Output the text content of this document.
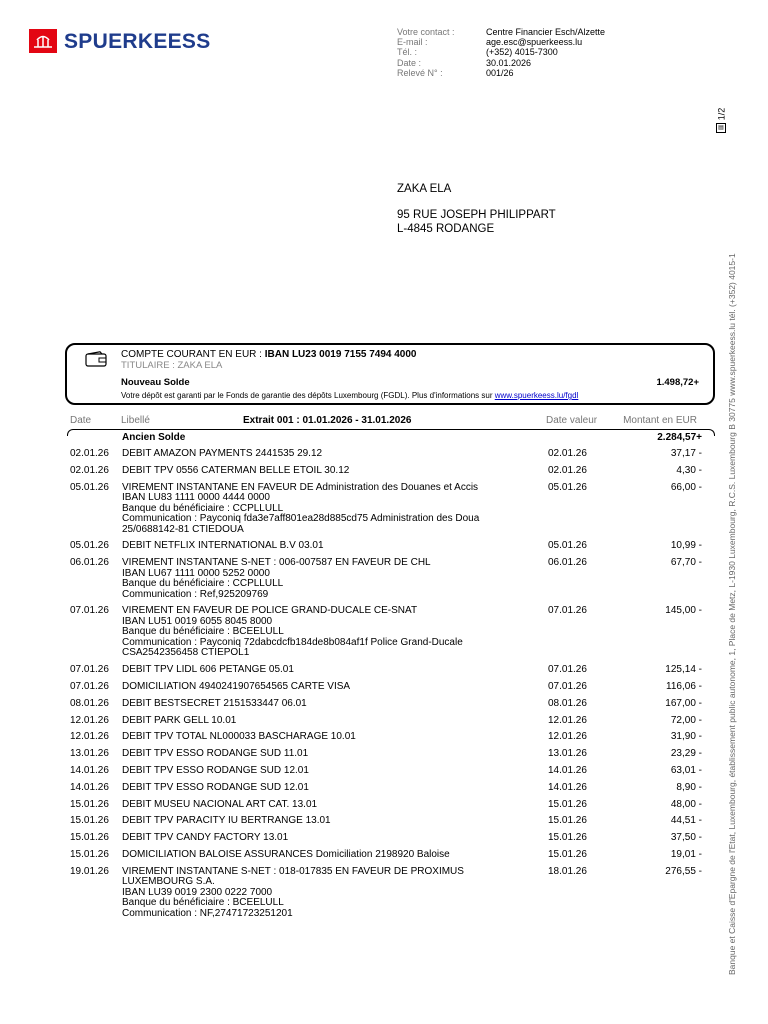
SPUERKEESS	Votre contact :	Centre Financier Esch/Alzette
E-mail :	age.esc@spuerkeess.lu
Tél. :	(+352) 4015-7300
Date :	30.01.2026
Relevé N° :	001/26
1/2
▤
Banque et Caisse d'Epargne de l'Etat, Luxembourg, établissement public autonome, 1, Place de Metz, L-1930 Luxembourg, R.C.S. Luxembourg B 30775 www.spuerkeess.lu tél. (+352) 4015-1
ZAKA ELA
95 RUE JOSEPH PHILIPPART
L-4845 RODANGE
COMPTE COURANT EN EUR : IBAN LU23 0019 7155 7494 4000
TITULAIRE : ZAKA ELA
Nouveau Solde	1.498,72+
Votre dépôt est garanti par le Fonds de garantie des dépôts Luxembourg (FGDL). Plus d'informations sur www.spuerkeess.lu/fgdl
Date	Libellé	Extrait 001 : 01.01.2026 - 31.01.2026	Date valeur	Montant en EUR
Ancien Solde	2.284,57+
02.01.26 DEBIT AMAZON PAYMENTS 2441535 29.12	02.01.26	37,17 -
02.01.26 DEBIT TPV 0556 CATERMAN BELLE ETOIL 30.12	02.01.26	4,30 -
05.01.26 VIREMENT INSTANTANE EN FAVEUR DE Administration des Douanes et Accis
IBAN LU83 1111 0000 4444 0000
Banque du bénéficiaire : CCPLLULL
Communication : Payconiq fda3e7aff801ea28d885cd75 Administration des Doua
25/0688142-81 CTIEDOUA
05.01.26	66,00 -
05.01.26 DEBIT NETFLIX INTERNATIONAL B.V 03.01	05.01.26	10,99 -
06.01.26 VIREMENT INSTANTANE S-NET : 006-007587 EN FAVEUR DE CHL
IBAN LU67 1111 0000 5252 0000
Banque du bénéficiaire : CCPLLULL
Communication : Ref,925209769
06.01.26	67,70 -
07.01.26 VIREMENT EN FAVEUR DE POLICE GRAND-DUCALE CE-SNAT
IBAN LU51 0019 6055 8045 8000
Banque du bénéficiaire : BCEELULL
Communication : Payconiq 72dabcdcfb184de8b084af1f Police Grand-Ducale
CSA2542356458 CTIEPOL1
07.01.26	145,00 -
07.01.26 DEBIT TPV LIDL 606 PETANGE 05.01	07.01.26	125,14 -
07.01.26 DOMICILIATION 4940241907654565 CARTE VISA	07.01.26	116,06 -
08.01.26 DEBIT BESTSECRET 2151533447 06.01	08.01.26	167,00 -
12.01.26 DEBIT PARK GELL 10.01	12.01.26	72,00 -
12.01.26 DEBIT TPV TOTAL NL000033 BASCHARAGE 10.01	12.01.26	31,90 -
13.01.26 DEBIT TPV ESSO RODANGE SUD 11.01	13.01.26	23,29 -
14.01.26 DEBIT TPV ESSO RODANGE SUD 12.01	14.01.26	63,01 -
14.01.26 DEBIT TPV ESSO RODANGE SUD 12.01	14.01.26	8,90 -
15.01.26 DEBIT MUSEU NACIONAL ART CAT. 13.01	15.01.26	48,00 -
15.01.26 DEBIT TPV PARACITY IU BERTRANGE 13.01	15.01.26	44,51 -
15.01.26 DEBIT TPV CANDY FACTORY 13.01	15.01.26	37,50 -
15.01.26 DOMICILIATION BALOISE ASSURANCES Domiciliation 2198920 Baloise	15.01.26	19,01 -
19.01.26 VIREMENT INSTANTANE S-NET : 018-017835 EN FAVEUR DE PROXIMUS
LUXEMBOURG S.A.
IBAN LU39 0019 2300 0222 7000
Banque du bénéficiaire : BCEELULL
Communication : NF,27471723251201
18.01.26	276,55 -
